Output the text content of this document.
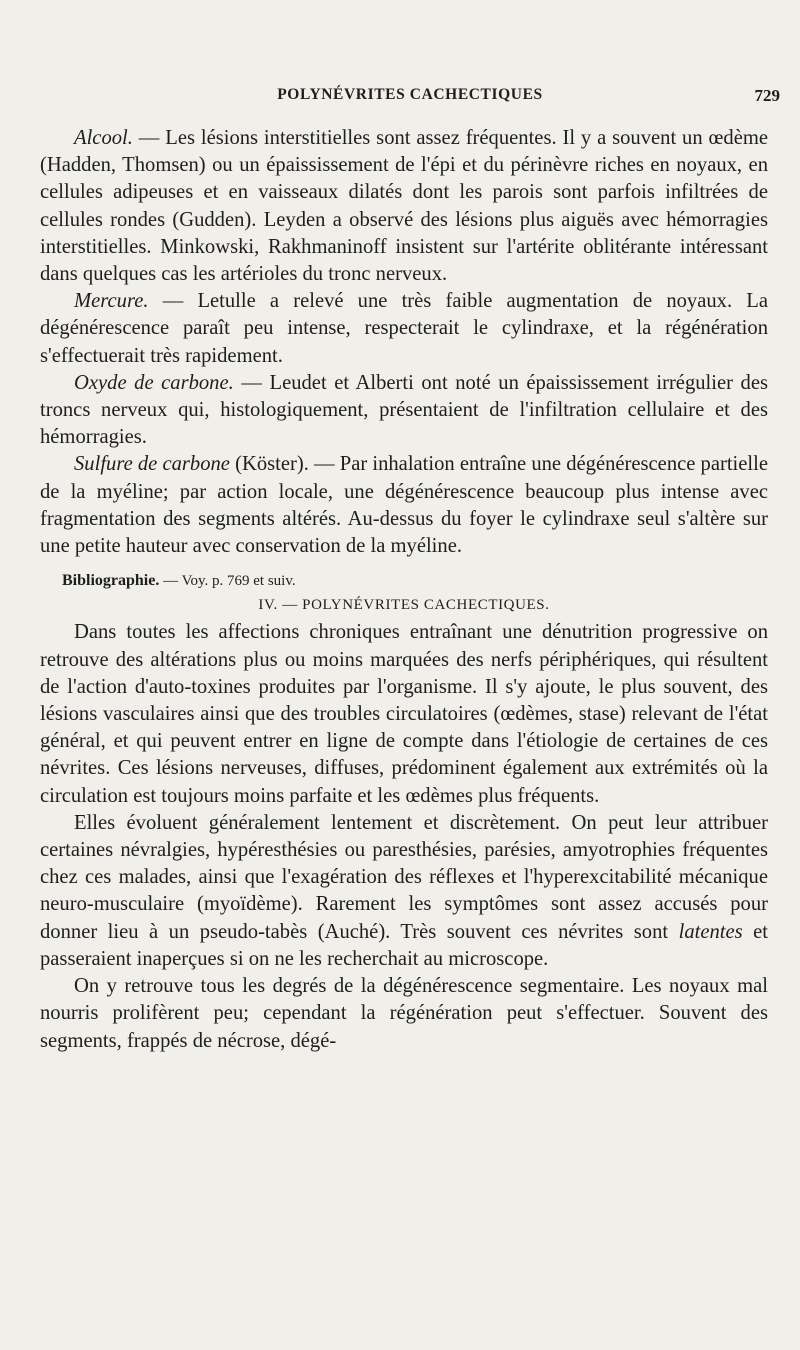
POLYNÉVRITES CACHECTIQUES	729

Alcool. — Les lésions interstitielles sont assez fréquentes. Il y a souvent un œdème (Hadden, Thomsen) ou un épaississement de l'épi et du périnèvre riches en noyaux, en cellules adipeuses et en vaisseaux dilatés dont les parois sont parfois infiltrées de cellules rondes (Gudden). Leyden a observé des lésions plus aiguës avec hémorragies interstitielles. Minkowski, Rakhmaninoff insistent sur l'artérite oblitérante intéressant dans quelques cas les artérioles du tronc nerveux.

Mercure. — Letulle a relevé une très faible augmentation de noyaux. La dégénérescence paraît peu intense, respecterait le cylindraxe, et la régénération s'effectuerait très rapidement.

Oxyde de carbone. — Leudet et Alberti ont noté un épaississement irrégulier des troncs nerveux qui, histologiquement, présentaient de l'infiltration cellulaire et des hémorragies.

Sulfure de carbone (Köster). — Par inhalation entraîne une dégénérescence partielle de la myéline; par action locale, une dégénérescence beaucoup plus intense avec fragmentation des segments altérés. Au-dessus du foyer le cylindraxe seul s'altère sur une petite hauteur avec conservation de la myéline.

Bibliographie. — Voy. p. 769 et suiv.

IV. — POLYNÉVRITES CACHECTIQUES.

Dans toutes les affections chroniques entraînant une dénutrition progressive on retrouve des altérations plus ou moins marquées des nerfs périphériques, qui résultent de l'action d'auto-toxines produites par l'organisme. Il s'y ajoute, le plus souvent, des lésions vasculaires ainsi que des troubles circulatoires (œdèmes, stase) relevant de l'état général, et qui peuvent entrer en ligne de compte dans l'étiologie de certaines de ces névrites. Ces lésions nerveuses, diffuses, prédominent également aux extrémités où la circulation est toujours moins parfaite et les œdèmes plus fréquents.

Elles évoluent généralement lentement et discrètement. On peut leur attribuer certaines névralgies, hypéresthésies ou paresthésies, parésies, amyotrophies fréquentes chez ces malades, ainsi que l'exagération des réflexes et l'hyperexcitabilité mécanique neuro-musculaire (myoïdème). Rarement les symptômes sont assez accusés pour donner lieu à un pseudo-tabès (Auché). Très souvent ces névrites sont latentes et passeraient inaperçues si on ne les recherchait au microscope.

On y retrouve tous les degrés de la dégénérescence segmentaire. Les noyaux mal nourris prolifèrent peu; cependant la régénération peut s'effectuer. Souvent des segments, frappés de nécrose, dégé-
